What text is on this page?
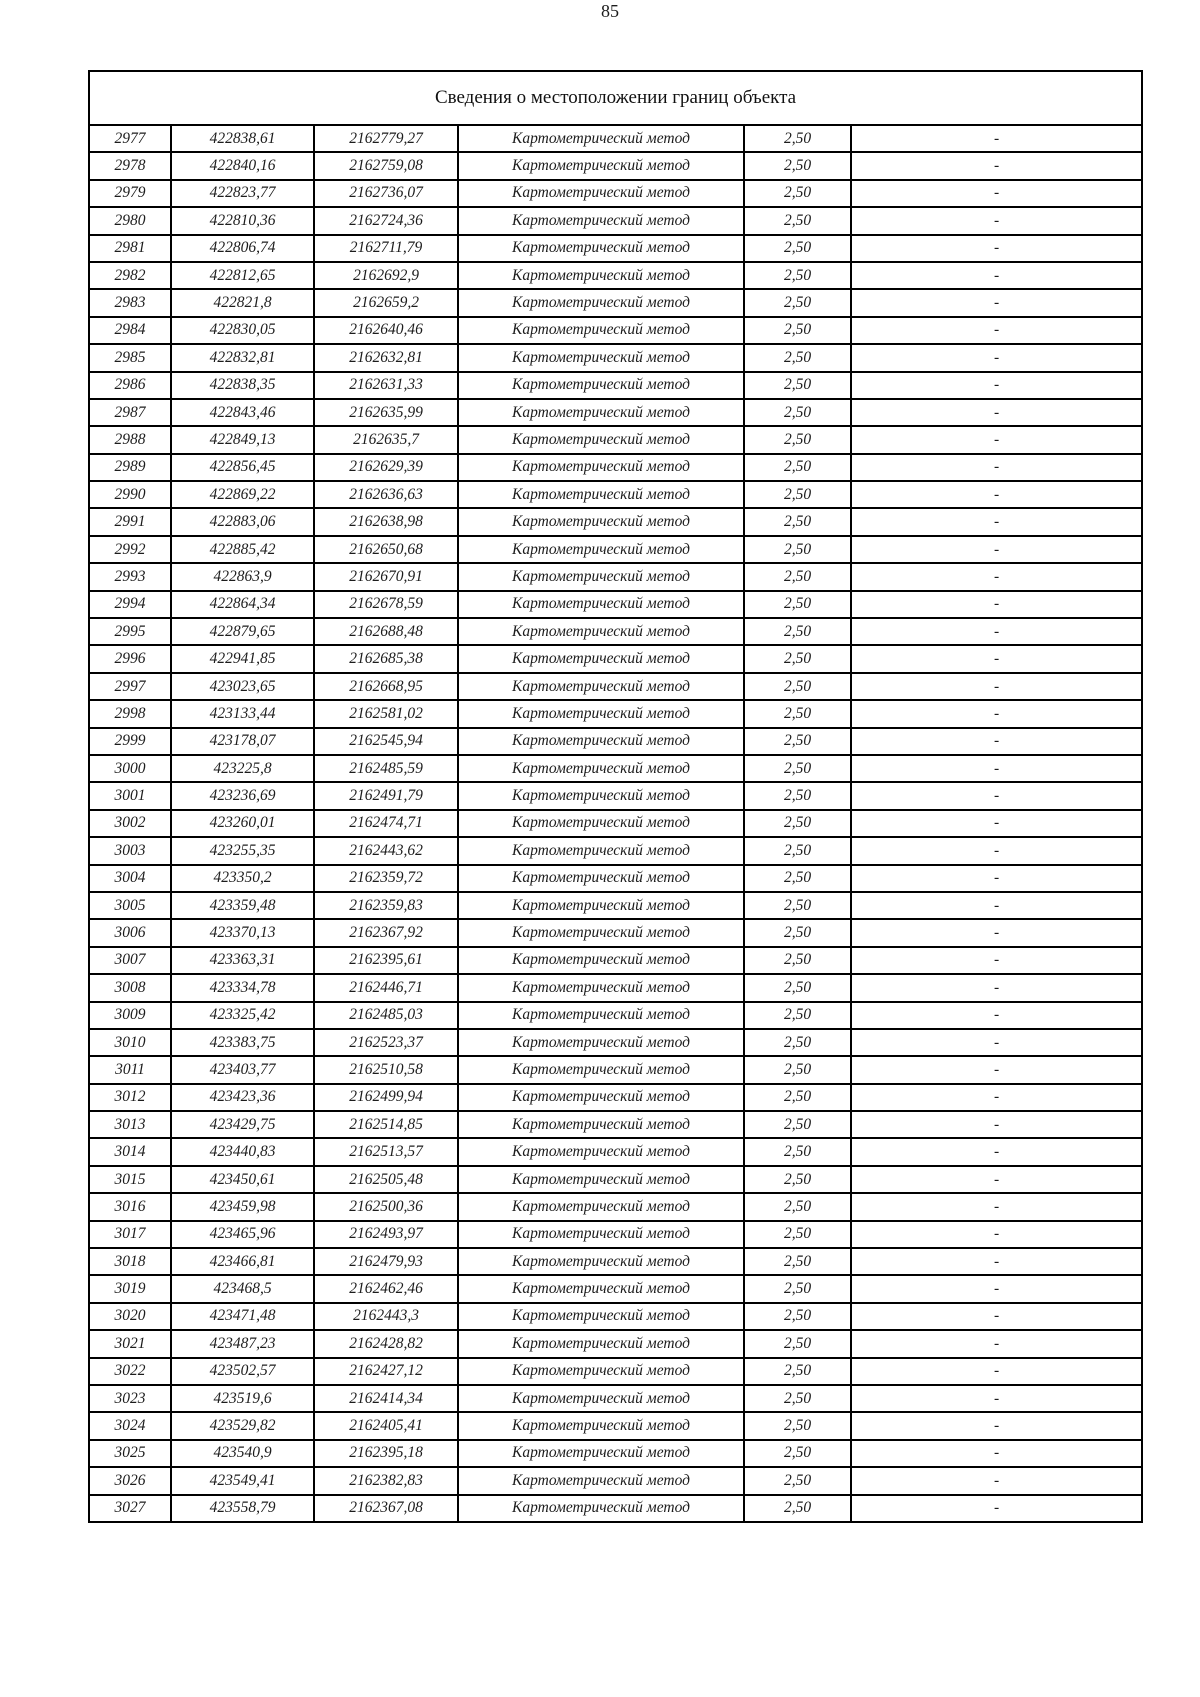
85
Сведения о местоположении границ объекта					
2977	422838,61	2162779,27	Картометрический метод	2,50	-
2978	422840,16	2162759,08	Картометрический метод	2,50	-
2979	422823,77	2162736,07	Картометрический метод	2,50	-
2980	422810,36	2162724,36	Картометрический метод	2,50	-
2981	422806,74	2162711,79	Картометрический метод	2,50	-
2982	422812,65	2162692,9	Картометрический метод	2,50	-
2983	422821,8	2162659,2	Картометрический метод	2,50	-
2984	422830,05	2162640,46	Картометрический метод	2,50	-
2985	422832,81	2162632,81	Картометрический метод	2,50	-
2986	422838,35	2162631,33	Картометрический метод	2,50	-
2987	422843,46	2162635,99	Картометрический метод	2,50	-
2988	422849,13	2162635,7	Картометрический метод	2,50	-
2989	422856,45	2162629,39	Картометрический метод	2,50	-
2990	422869,22	2162636,63	Картометрический метод	2,50	-
2991	422883,06	2162638,98	Картометрический метод	2,50	-
2992	422885,42	2162650,68	Картометрический метод	2,50	-
2993	422863,9	2162670,91	Картометрический метод	2,50	-
2994	422864,34	2162678,59	Картометрический метод	2,50	-
2995	422879,65	2162688,48	Картометрический метод	2,50	-
2996	422941,85	2162685,38	Картометрический метод	2,50	-
2997	423023,65	2162668,95	Картометрический метод	2,50	-
2998	423133,44	2162581,02	Картометрический метод	2,50	-
2999	423178,07	2162545,94	Картометрический метод	2,50	-
3000	423225,8	2162485,59	Картометрический метод	2,50	-
3001	423236,69	2162491,79	Картометрический метод	2,50	-
3002	423260,01	2162474,71	Картометрический метод	2,50	-
3003	423255,35	2162443,62	Картометрический метод	2,50	-
3004	423350,2	2162359,72	Картометрический метод	2,50	-
3005	423359,48	2162359,83	Картометрический метод	2,50	-
3006	423370,13	2162367,92	Картометрический метод	2,50	-
3007	423363,31	2162395,61	Картометрический метод	2,50	-
3008	423334,78	2162446,71	Картометрический метод	2,50	-
3009	423325,42	2162485,03	Картометрический метод	2,50	-
3010	423383,75	2162523,37	Картометрический метод	2,50	-
3011	423403,77	2162510,58	Картометрический метод	2,50	-
3012	423423,36	2162499,94	Картометрический метод	2,50	-
3013	423429,75	2162514,85	Картометрический метод	2,50	-
3014	423440,83	2162513,57	Картометрический метод	2,50	-
3015	423450,61	2162505,48	Картометрический метод	2,50	-
3016	423459,98	2162500,36	Картометрический метод	2,50	-
3017	423465,96	2162493,97	Картометрический метод	2,50	-
3018	423466,81	2162479,93	Картометрический метод	2,50	-
3019	423468,5	2162462,46	Картометрический метод	2,50	-
3020	423471,48	2162443,3	Картометрический метод	2,50	-
3021	423487,23	2162428,82	Картометрический метод	2,50	-
3022	423502,57	2162427,12	Картометрический метод	2,50	-
3023	423519,6	2162414,34	Картометрический метод	2,50	-
3024	423529,82	2162405,41	Картометрический метод	2,50	-
3025	423540,9	2162395,18	Картометрический метод	2,50	-
3026	423549,41	2162382,83	Картометрический метод	2,50	-
3027	423558,79	2162367,08	Картометрический метод	2,50	-
